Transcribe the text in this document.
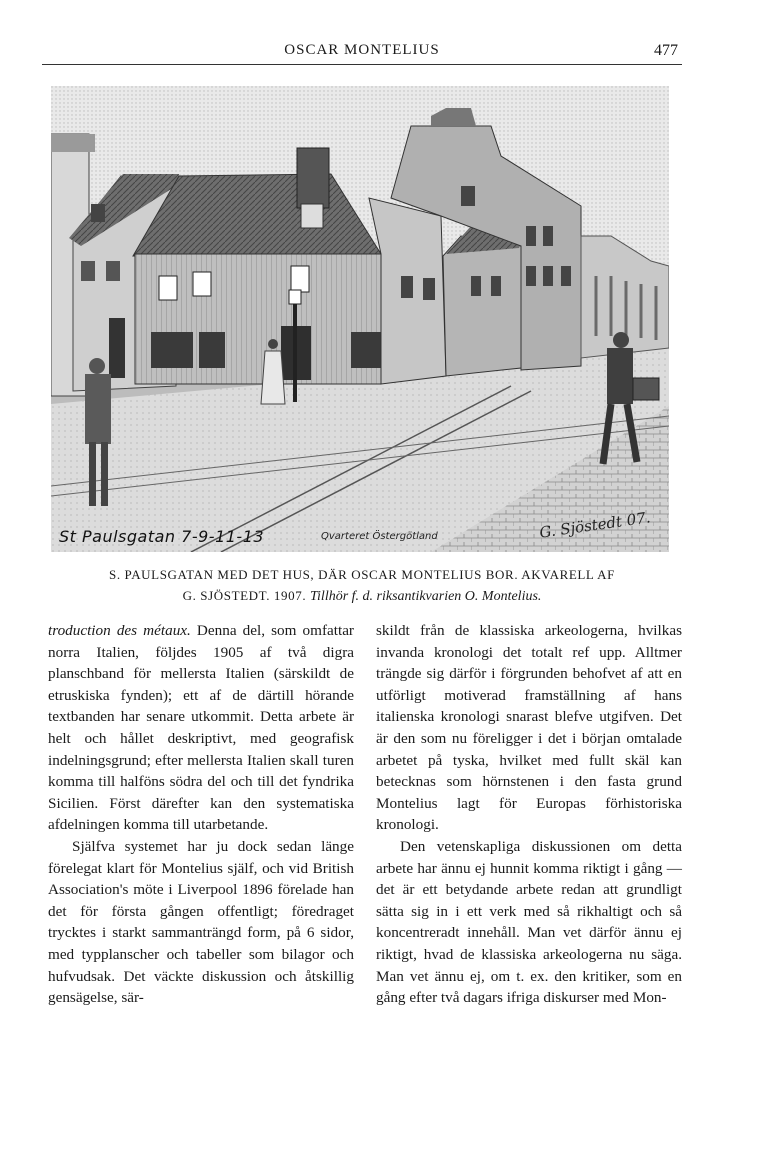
OSCAR MONTELIUS	477
St Paulsgatan 7-9-11-13	Qvarteret Östergötland	G. Sjöstedt 07.
S. PAULSGATAN MED DET HUS, DÄR OSCAR MONTELIUS BOR. AKVARELL AF
G. SJÖSTEDT. 1907. Tillhör f. d. riksantikvarien O. Montelius.

troduction des métaux. Denna del, som omfattar norra Italien, följdes 1905 af två digra planschband för mellersta Italien (särskildt de etruskiska fynden); ett af de därtill hörande textbanden har senare utkommit. Detta arbete är helt och hållet deskriptivt, med geografisk indelningsgrund; efter mellersta Italien skall turen komma till halföns södra del och till det fyndrika Sicilien. Först därefter kan den systematiska afdelningen komma till utarbetande.

Själfva systemet har ju dock sedan länge förelegat klart för Montelius själf, och vid British Association's möte i Liverpool 1896 förelade han det för första gången offentligt; föredraget trycktes i starkt sammanträngd form, på 6 sidor, med typplanscher och tabeller som bilagor och hufvudsak. Det väckte diskussion och åtskillig gensägelse, sär-

skildt från de klassiska arkeologerna, hvilkas invanda kronologi det totalt ref upp. Alltmer trängde sig därför i förgrunden behofvet af att en utförligt motiverad framställning af hans italienska kronologi snarast blefve utgifven. Det är den som nu föreligger i det i början omtalade arbetet på tyska, hvilket med fullt skäl kan betecknas som hörnstenen i den fasta grund Montelius lagt för Europas förhistoriska kronologi.

Den vetenskapliga diskussionen om detta arbete har ännu ej hunnit komma riktigt i gång — det är ett betydande arbete redan att grundligt sätta sig in i ett verk med så rikhaltigt och så koncentreradt innehåll. Man vet därför ännu ej riktigt, hvad de klassiska arkeologerna nu säga. Man vet ännu ej, om t. ex. den kritiker, som en gång efter två dagars ifriga diskurser med Mon-
